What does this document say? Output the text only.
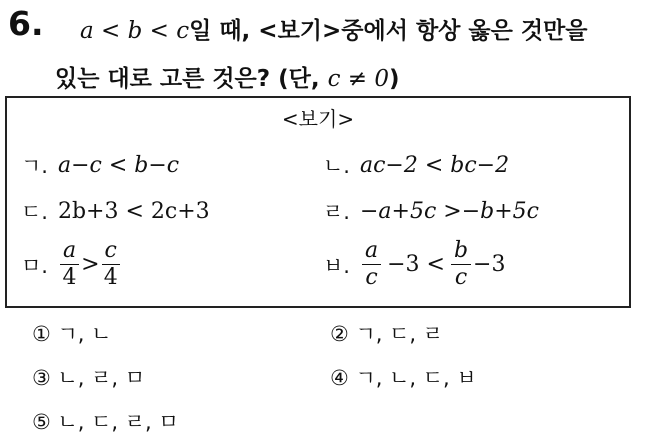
6. a < b < c일 때, <보기>중에서 항상 옳은 것만을
있는 대로 고른 것은? (단, c ≠ 0)
<보기>
ㄱ. a−c < b−c	ㄴ. ac−2 < bc−2
ㄷ. 2b+3 < 2c+3	ㄹ. −a+5c >−b+5c
ㅁ. $\frac{a}{4} > \frac{c}{4}$	ㅂ. $\frac{a}{c} -3 < \frac{b}{c} -3$
① ㄱ, ㄴ	② ㄱ, ㄷ, ㄹ
③ ㄴ, ㄹ, ㅁ	④ ㄱ, ㄴ, ㄷ, ㅂ
⑤ ㄴ, ㄷ, ㄹ, ㅁ
